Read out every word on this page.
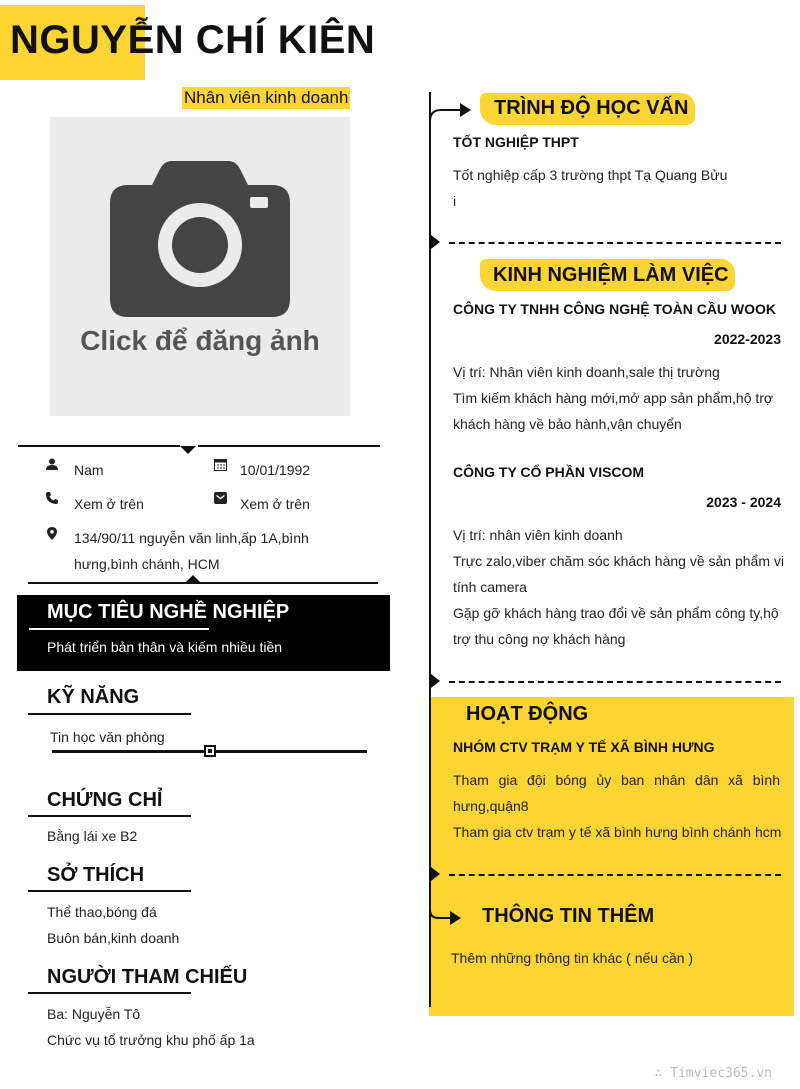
NGUYỄN CHÍ KIÊN
Nhân viên kinh doanh
Click để đăng ảnh
Nam	10/01/1992
Xem ở trên	Xem ở trên
134/90/11 nguyễn văn linh,ấp 1A,bình
hưng,bình chánh, HCM
MỤC TIÊU NGHỀ NGHIỆP

Phát triển bản thân và kiếm nhiều tiền

KỸ NĂNG
Tin học văn phòng
CHỨNG CHỈ
Bằng lái xe B2
SỞ THÍCH
Thể thao,bóng đá
Buôn bán,kinh doanh
NGƯỜI THAM CHIẾU
Ba: Nguyễn Tô
Chức vụ tổ trưởng khu phố ấp 1a
TRÌNH ĐỘ HỌC VẤN
TỐT NGHIỆP THPT
Tốt nghiệp cấp 3 trường thpt Tạ Quang Bửu
i
KINH NGHIỆM LÀM VIỆC
CÔNG TY TNHH CÔNG NGHỆ TOÀN CẦU WOOK
2022-2023
Vị trí: Nhân viên kinh doanh,sale thị trường
Tìm kiếm khách hàng mới,mở app sản phẩm,hộ trợ
khách hàng về bảo hành,vận chuyển
CÔNG TY CỔ PHẦN VISCOM
2023 - 2024
Vị trí: nhân viên kinh doanh
Trực zalo,viber chăm sóc khách hàng về sản phẩm vi
tính camera
Gặp gỡ khách hàng trao đổi về sản phẩm công ty,hộ
trợ thu công nợ khách hàng
HOẠT ĐỘNG
NHÓM CTV TRẠM Y TẾ XÃ BÌNH HƯNG
Tham gia đội bóng ủy ban nhân dân xã bình
hưng,quận8
Tham gia ctv trạm y tế xã bình hưng bình chánh hcm
THÔNG TIN THÊM
Thêm những thông tin khác ( nếu cần )
∴ Timviec365.vn
